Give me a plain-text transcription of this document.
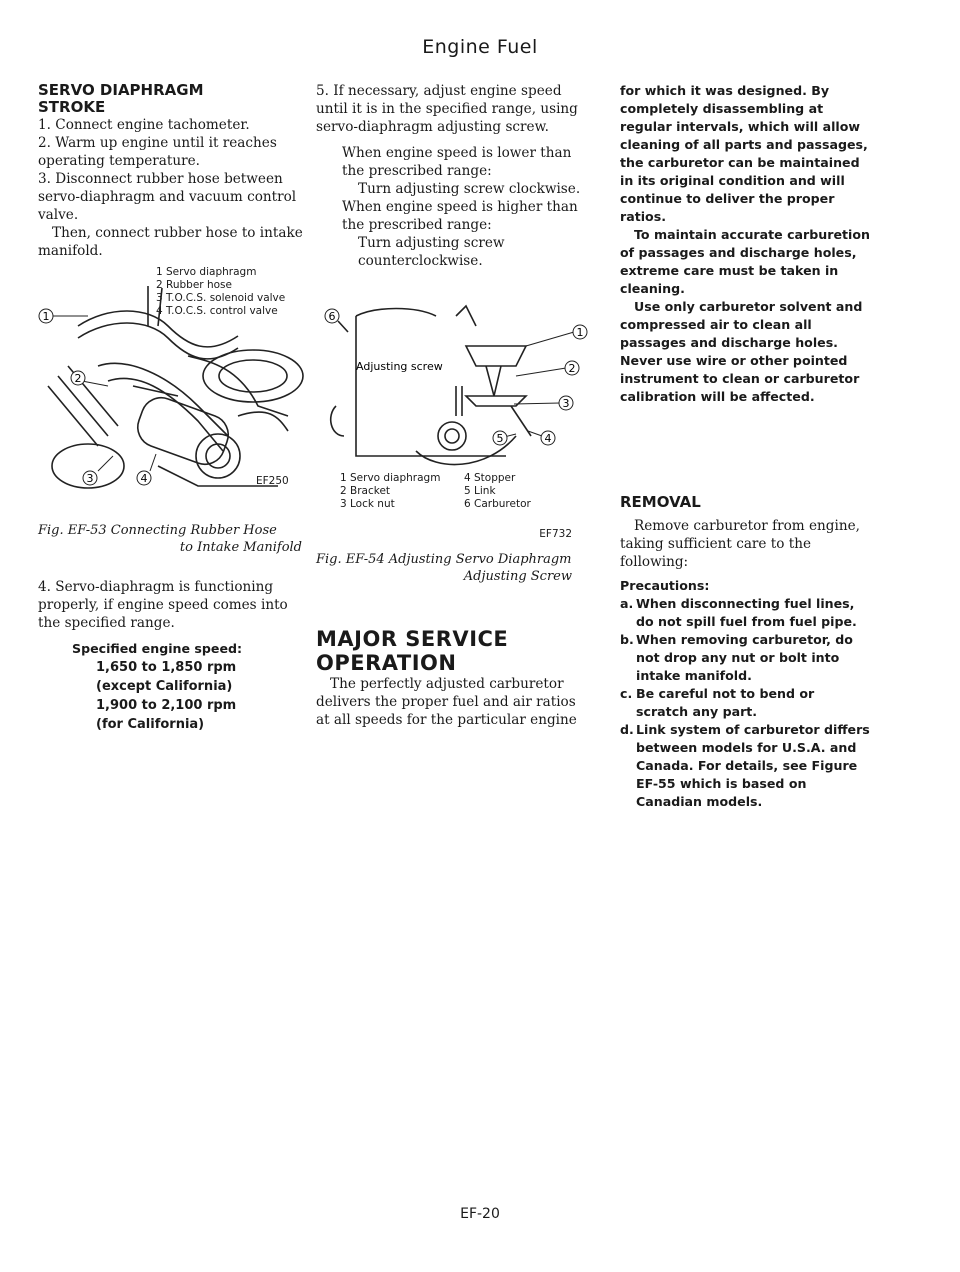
Engine Fuel
SERVO DIAPHRAGM
STROKE

1. Connect engine tachometer.

2. Warm up engine until it reaches operating temperature.

3. Disconnect rubber hose between servo-diaphragm and vacuum control valve.

Then, connect rubber hose to intake manifold.

1 Servo diaphragm
2 Rubber hose
3 T.O.C.S. solenoid valve
4 T.O.C.S. control valve
1
2
3	4	EF250
Fig. EF-53 Connecting Rubber Hose
to Intake Manifold

4. Servo-diaphragm is functioning properly, if engine speed comes into the specified range.

Specified engine speed:
1,650 to 1,850 rpm
(except California)
1,900 to 2,100 rpm
(for California)

5. If necessary, adjust engine speed until it is in the specified range, using servo-diaphragm adjusting screw.

When engine speed is lower than the prescribed range:

Turn adjusting screw clockwise.

When engine speed is higher than the prescribed range:

Turn adjusting screw counterclockwise.

Adjusting screw
1
2
3
4
5
6
1 Servo diaphragm
2 Bracket
3 Lock nut
4 Stopper
5 Link
6 Carburetor
EF732
Fig. EF-54 Adjusting Servo Diaphragm
Adjusting Screw
MAJOR SERVICE
OPERATION

The perfectly adjusted carburetor delivers the proper fuel and air ratios at all speeds for the particular engine

for which it was designed. By completely disassembling at regular intervals, which will allow cleaning of all parts and passages, the carburetor can be maintained in its original condition and will continue to deliver the proper ratios.

To maintain accurate carburetion of passages and discharge holes, extreme care must be taken in cleaning.

Use only carburetor solvent and compressed air to clean all passages and discharge holes. Never use wire or other pointed instrument to clean or carburetor calibration will be affected.

REMOVAL

Remove carburetor from engine, taking sufficient care to the following:

Precautions:
a. When disconnecting fuel lines, do not spill fuel from fuel pipe.
b. When removing carburetor, do not drop any nut or bolt into intake manifold.
c. Be careful not to bend or scratch any part.
d. Link system of carburetor differs between models for U.S.A. and Canada. For details, see Figure EF-55 which is based on Canadian models.
EF-20
